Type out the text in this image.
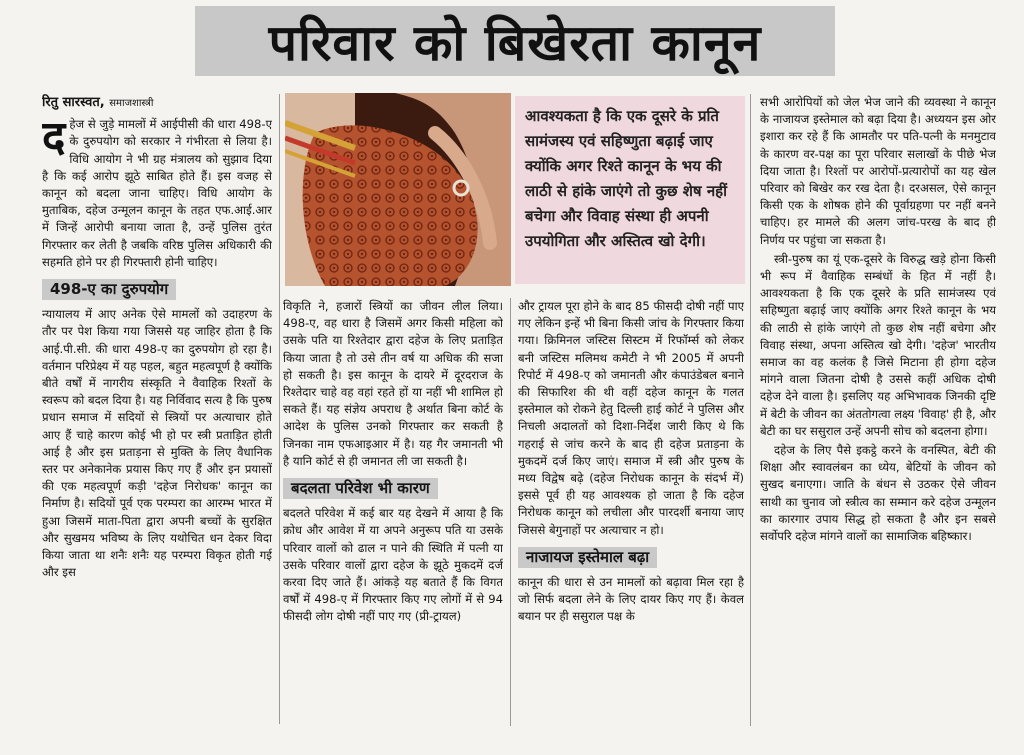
परिवार को बिखेरता कानून
रितु सारस्वत, समाजशास्त्री

द हेज से जुड़े मामलों में आईपीसी की धारा 498-ए के दुरुपयोग को सरकार ने गंभीरता से लिया है। विधि आयोग ने भी ग्रह मंत्रालय को सुझाव दिया है कि कई आरोप झूठे साबित होते हैं। इस वजह से कानून को बदला जाना चाहिए। विधि आयोग के मुताबिक, दहेज उन्मूलन कानून के तहत एफ.आई.आर में जिन्हें आरोपी बनाया जाता है, उन्हें पुलिस तुरंत गिरफ्तार कर लेती है जबकि वरिष्ठ पुलिस अधिकारी की सहमति होने पर ही गिरफ्तारी होनी चाहिए।

498-ए का दुरुपयोग

न्यायालय में आए अनेक ऐसे मामलों को उदाहरण के तौर पर पेश किया गया जिससे यह जाहिर होता है कि आई.पी.सी. की धारा 498-ए का दुरुपयोग हो रहा है। वर्तमान परिप्रेक्ष्य में यह पहल, बहुत महत्वपूर्ण है क्योंकि बीते वर्षों में नागरीय संस्कृति ने वैवाहिक रिश्तों के स्वरूप को बदल दिया है। यह निर्विवाद सत्य है कि पुरुष प्रधान समाज में सदियों से स्त्रियों पर अत्याचार होते आए हैं चाहे कारण कोई भी हो पर स्त्री प्रताड़ित होती आई है और इस प्रताड़ना से मुक्ति के लिए वैधानिक स्तर पर अनेकानेक प्रयास किए गए हैं और इन प्रयासों की एक महत्वपूर्ण कड़ी 'दहेज निरोधक' कानून का निर्माण है। सदियों पूर्व एक परम्परा का आरम्भ भारत में हुआ जिसमें माता-पिता द्वारा अपनी बच्चों के सुरक्षित और सुखमय भविष्य के लिए यथोचित धन देकर विदा किया जाता था शनैः शनैः यह परम्परा विकृत होती गई और इस

आवश्यकता है कि एक दूसरे के प्रति सामंजस्य एवं सहिष्णुता बढ़ाई जाए क्योंकि अगर रिश्ते कानून के भय की लाठी से हांके जाएंगे तो कुछ शेष नहीं बचेगा और विवाह संस्था ही अपनी उपयोगिता और अस्तित्व खो देगी।

विकृति ने, हजारों स्त्रियों का जीवन लील लिया। 498-ए, वह धारा है जिसमें अगर किसी महिला को उसके पति या रिश्तेदार द्वारा दहेज के लिए प्रताड़ित किया जाता है तो उसे तीन वर्ष या अधिक की सजा हो सकती है। इस कानून के दायरे में दूरदराज के रिश्तेदार चाहे वह वहां रहते हों या नहीं भी शामिल हो सकते हैं। यह संज्ञेय अपराध है अर्थात बिना कोर्ट के आदेश के पुलिस उनको गिरफ्तार कर सकती है जिनका नाम एफआइआर में है। यह गैर जमानती भी है यानि कोर्ट से ही जमानत ली जा सकती है।

बदलता परिवेश भी कारण

बदलते परिवेश में कई बार यह देखने में आया है कि क्रोध और आवेश में या अपने अनुरूप पति या उसके परिवार वालों को ढाल न पाने की स्थिति में पत्नी या उसके परिवार वालों द्वारा दहेज के झूठे मुकदमें दर्ज करवा दिए जाते हैं। आंकड़े यह बताते हैं कि विगत वर्षों में 498-ए में गिरफ्तार किए गए लोगों में से 94 फीसदी लोग दोषी नहीं पाए गए (प्री-ट्रायल)

और ट्रायल पूरा होने के बाद 85 फीसदी दोषी नहीं पाए गए लेकिन इन्हें भी बिना किसी जांच के गिरफ्तार किया गया। क्रिमिनल जस्टिस सिस्टम में रिफॉर्म्स को लेकर बनी जस्टिस मलिमथ कमेटी ने भी 2005 में अपनी रिपोर्ट में 498-ए को जमानती और कंपाउंडेबल बनाने की सिफारिश की थी वहीं दहेज कानून के गलत इस्तेमाल को रोकने हेतु दिल्ली हाई कोर्ट ने पुलिस और निचली अदालतों को दिशा-निर्देश जारी किए थे कि गहराई से जांच करने के बाद ही दहेज प्रताड़ना के मुकदमें दर्ज किए जाएं। समाज में स्त्री और पुरुष के मध्य विद्वेष बढ़े (दहेज निरोधक कानून के संदर्भ में) इससे पूर्व ही यह आवश्यक हो जाता है कि दहेज निरोधक कानून को लचीला और पारदर्शी बनाया जाए जिससे बेगुनाहों पर अत्याचार न हो।

नाजायज इस्तेमाल बढ़ा

कानून की धारा से उन मामलों को बढ़ावा मिल रहा है जो सिर्फ बदला लेने के लिए दायर किए गए हैं। केवल बयान पर ही ससुराल पक्ष के

सभी आरोपियों को जेल भेज जाने की व्यवस्था ने कानून के नाजायज इस्तेमाल को बढ़ा दिया है। अध्ययन इस ओर इशारा कर रहे हैं कि आमतौर पर पति-पत्नी के मनमुटाव के कारण वर-पक्ष का पूरा परिवार सलाखों के पीछे भेज दिया जाता है। रिश्तों पर आरोपों-प्रत्यारोपों का यह खेल परिवार को बिखेर कर रख देता है। दरअसल, ऐसे कानून किसी एक के शोषक होने की पूर्वाग्रहणा पर नहीं बनने चाहिए। हर मामले की अलग जांच-परख के बाद ही निर्णय पर पहुंचा जा सकता है।

स्त्री-पुरुष का यूं एक-दूसरे के विरुद्ध खड़े होना किसी भी रूप में वैवाहिक सम्बंधों के हित में नहीं है। आवश्यकता है कि एक दूसरे के प्रति सामंजस्य एवं सहिष्णुता बढ़ाई जाए क्योंकि अगर रिश्ते कानून के भय की लाठी से हांके जाएंगे तो कुछ शेष नहीं बचेगा और विवाह संस्था, अपना अस्तित्व खो देगी। 'दहेज' भारतीय समाज का वह कलंक है जिसे मिटाना ही होगा दहेज मांगने वाला जितना दोषी है उससे कहीं अधिक दोषी दहेज देने वाला है। इसलिए यह अभिभावक जिनकी दृष्टि में बेटी के जीवन का अंततोगत्वा लक्ष्य 'विवाह' ही है, और बेटी का घर ससुराल उन्हें अपनी सोच को बदलना होगा।

दहेज के लिए पैसे इकट्ठे करने के वनस्पित, बेटी की शिक्षा और स्वावलंबन का ध्येय, बेटियों के जीवन को सुखद बनाएगा। जाति के बंधन से उठकर ऐसे जीवन साथी का चुनाव जो स्त्रीत्व का सम्मान करे दहेज उन्मूलन का कारगार उपाय सिद्ध हो सकता है और इन सबसे सर्वोपरि दहेज मांगने वालों का सामाजिक बहिष्कार।
